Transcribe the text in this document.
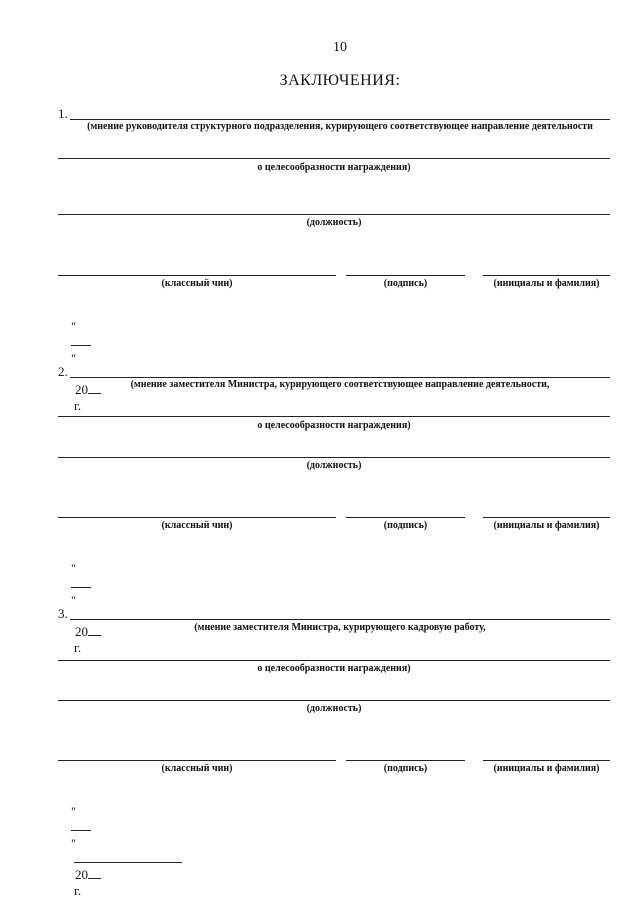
10
ЗАКЛЮЧЕНИЯ:
1.
(мнение руководителя структурного подразделения, курирующего соответствующее направление деятельности
о целесообразности награждения)
(должность)
(классный чин)	(подпись)	(инициалы и фамилия)

"

"

20
г.

2.
(мнение заместителя Министра, курирующего соответствующее направление деятельности,
о целесообразности награждения)
(должность)
(классный чин)	(подпись)	(инициалы и фамилия)

"

"

20
г.

3.
(мнение заместителя Министра, курирующего кадровую работу,
о целесообразности награждения)
(должность)
(классный чин)	(подпись)	(инициалы и фамилия)

"

"

20
г.
